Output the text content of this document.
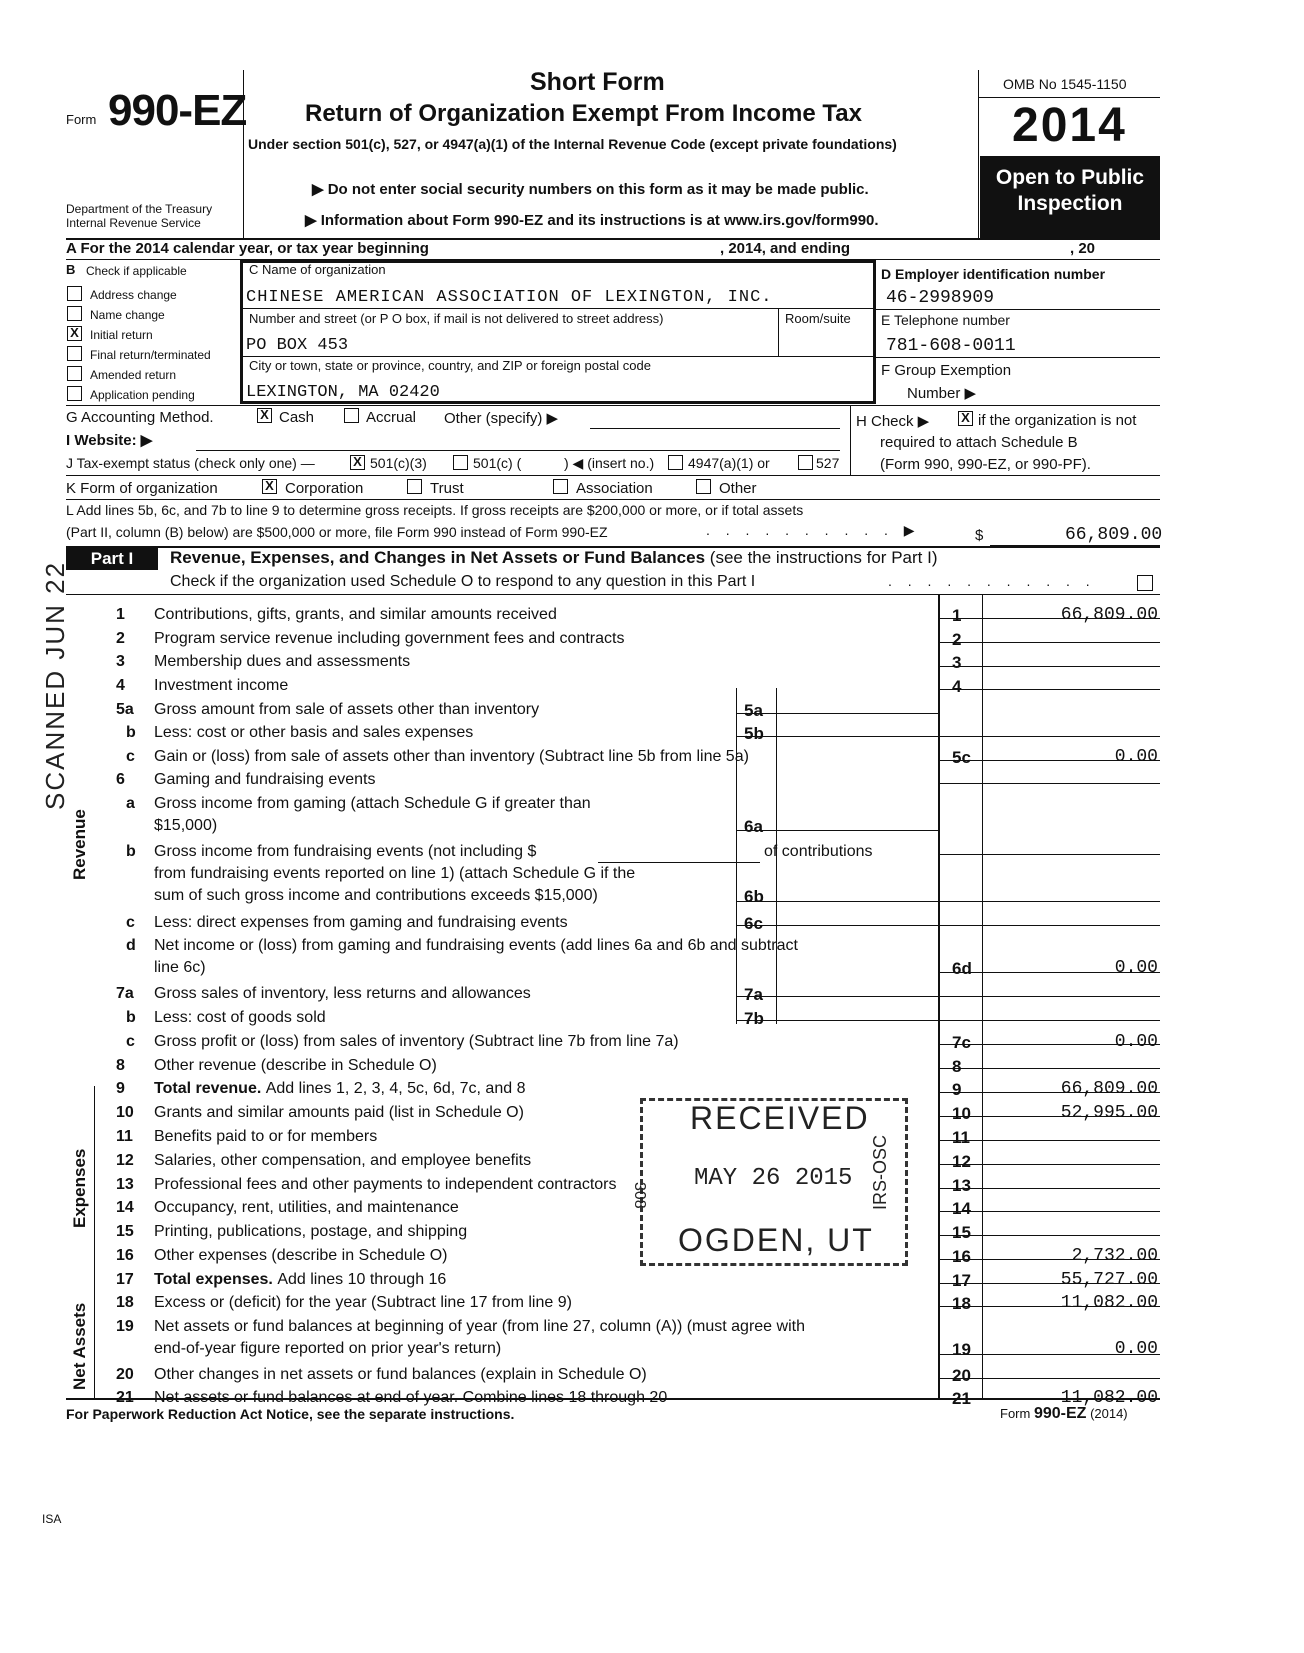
Form 990-EZ
Department of the Treasury
Internal Revenue Service
Short Form
Return of Organization Exempt From Income Tax
Under section 501(c), 527, or 4947(a)(1) of the Internal Revenue Code (except private foundations)
▶ Do not enter social security numbers on this form as it may be made public.
▶ Information about Form 990-EZ and its instructions is at www.irs.gov/form990.
OMB No 1545-1150
2014
Open to Public
Inspection
A For the 2014 calendar year, or tax year beginning	, 2014, and ending	, 20
B Check if applicable
Address change
Name change
X Initial return
Final return/terminated
Amended return
Application pending
C Name of organization
CHINESE AMERICAN ASSOCIATION OF LEXINGTON, INC.
Number and street (or P O box, if mail is not delivered to street address)	Room/suite
PO BOX 453
City or town, state or province, country, and ZIP or foreign postal code
LEXINGTON, MA 02420
D Employer identification number
46-2998909
E Telephone number
781-608-0011
F Group Exemption
Number ▶
G Accounting Method.	X Cash	Accrual Other (specify) ▶	H Check ▶ X if the organization is not
required to attach Schedule B
(Form 990, 990-EZ, or 990-PF).
I Website: ▶
J Tax-exempt status (check only one) —	X 501(c)(3)	501(c) (	) ◀ (insert no.) 4947(a)(1) or	527
K Form of organization	X Corporation	Trust	Association	Other
L Add lines 5b, 6c, and 7b to line 9 to determine gross receipts. If gross receipts are $200,000 or more, or if total assets
(Part II, column (B) below) are $500,000 or more, file Form 990 instead of Form 990-EZ	. . . . . . . . . . ▶	$	66,809.00
Part I	Revenue, Expenses, and Changes in Net Assets or Fund Balances (see the instructions for Part I)
Check if the organization used Schedule O to respond to any question in this Part I	. . . . . . . . . . .
1 Contributions, gifts, grants, and similar amounts received	1	66,809.00
2 Program service revenue including government fees and contracts	2
3 Membership dues and assessments	3
4 Investment income	4
5a Gross amount from sale of assets other than inventory	5a
b Less: cost or other basis and sales expenses	5b
c Gain or (loss) from sale of assets other than inventory (Subtract line 5b from line 5a)	5c	0.00
6 Gaming and fundraising events
a Gross income from gaming (attach Schedule G if greater than
$15,000)	6a
b Gross income from fundraising events (not including $	of contributions
from fundraising events reported on line 1) (attach Schedule G if the
sum of such gross income and contributions exceeds $15,000)	6b
c Less: direct expenses from gaming and fundraising events	6c
d Net income or (loss) from gaming and fundraising events (add lines 6a and 6b and subtract
line 6c)	6d	0.00
7a Gross sales of inventory, less returns and allowances	7a
b Less: cost of goods sold	7b
c Gross profit or (loss) from sales of inventory (Subtract line 7b from line 7a)	7c	0.00
8 Other revenue (describe in Schedule O)	8
9 Total revenue. Add lines 1, 2, 3, 4, 5c, 6d, 7c, and 8	9	66,809.00
10 Grants and similar amounts paid (list in Schedule O)	10	52,995.00
11 Benefits paid to or for members	11
12 Salaries, other compensation, and employee benefits	12
13 Professional fees and other payments to independent contractors	13
14 Occupancy, rent, utilities, and maintenance	14
15 Printing, publications, postage, and shipping	15
16 Other expenses (describe in Schedule O)	16	2,732.00
17 Total expenses. Add lines 10 through 16	17	55,727.00
18 Excess or (deficit) for the year (Subtract line 17 from line 9)	18	11,082.00
19 Net assets or fund balances at beginning of year (from line 27, column (A)) (must agree with
end-of-year figure reported on prior year's return)	19	0.00
20 Other changes in net assets or fund balances (explain in Schedule O)	20
21 Net assets or fund balances at end of year. Combine lines 18 through 20	21	11,082.00
Revenue
Expenses
Net Assets
SCANNED JUN 22
RECEIVED
MAY 26 2015
OGDEN, UT
308	IRS-OSC
For Paperwork Reduction Act Notice, see the separate instructions.	Form 990-EZ (2014)
ISA
